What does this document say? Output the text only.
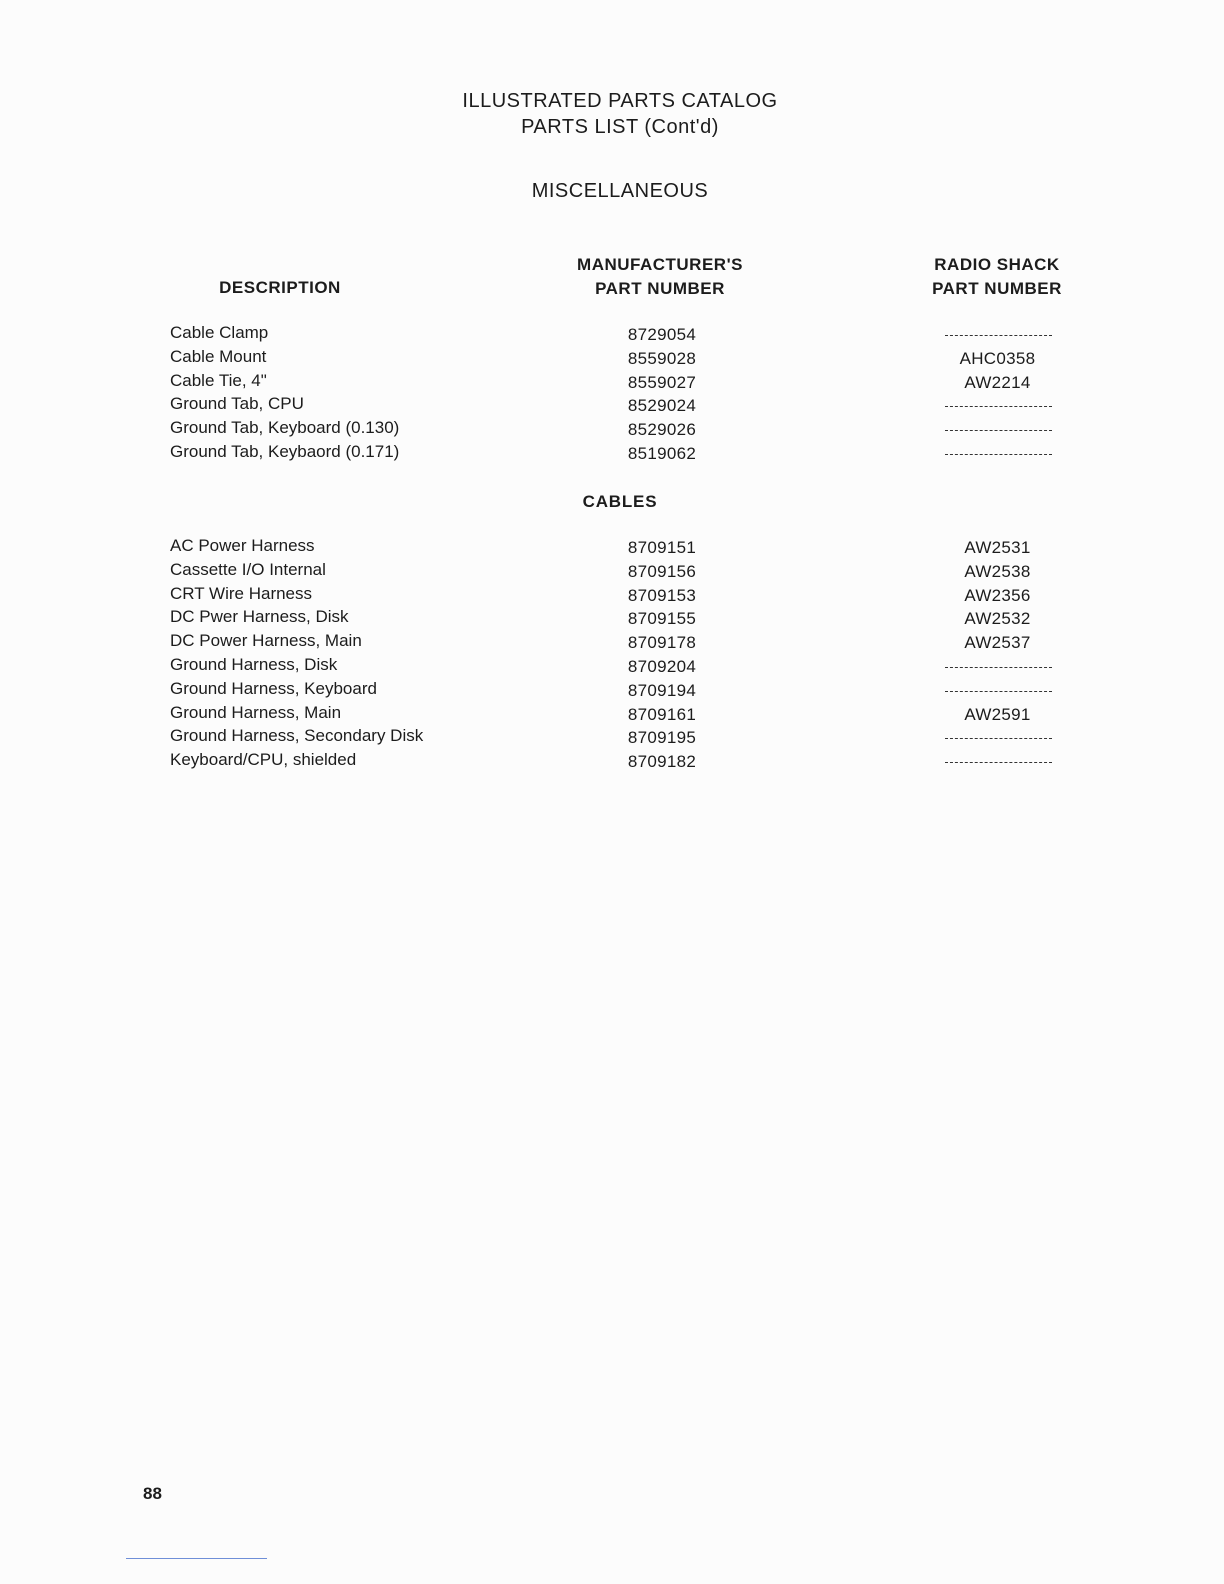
ILLUSTRATED PARTS CATALOG
PARTS LIST (Cont'd)
MISCELLANEOUS
DESCRIPTION
MANUFACTURER'S
PART NUMBER
RADIO SHACK
PART NUMBER
Cable Clamp	8729054
Cable Mount	8559028	AHC0358
Cable Tie, 4"	8559027	AW2214
Ground Tab, CPU	8529024
Ground Tab, Keyboard (0.130)	8529026
Ground Tab, Keybaord (0.171)	8519062
CABLES
AC Power Harness	8709151	AW2531
Cassette I/O Internal	8709156	AW2538
CRT Wire Harness	8709153	AW2356
DC Pwer Harness, Disk	8709155	AW2532
DC Power Harness, Main	8709178	AW2537
Ground Harness, Disk	8709204
Ground Harness, Keyboard	8709194
Ground Harness, Main	8709161	AW2591
Ground Harness, Secondary Disk	8709195
Keyboard/CPU, shielded	8709182
88
